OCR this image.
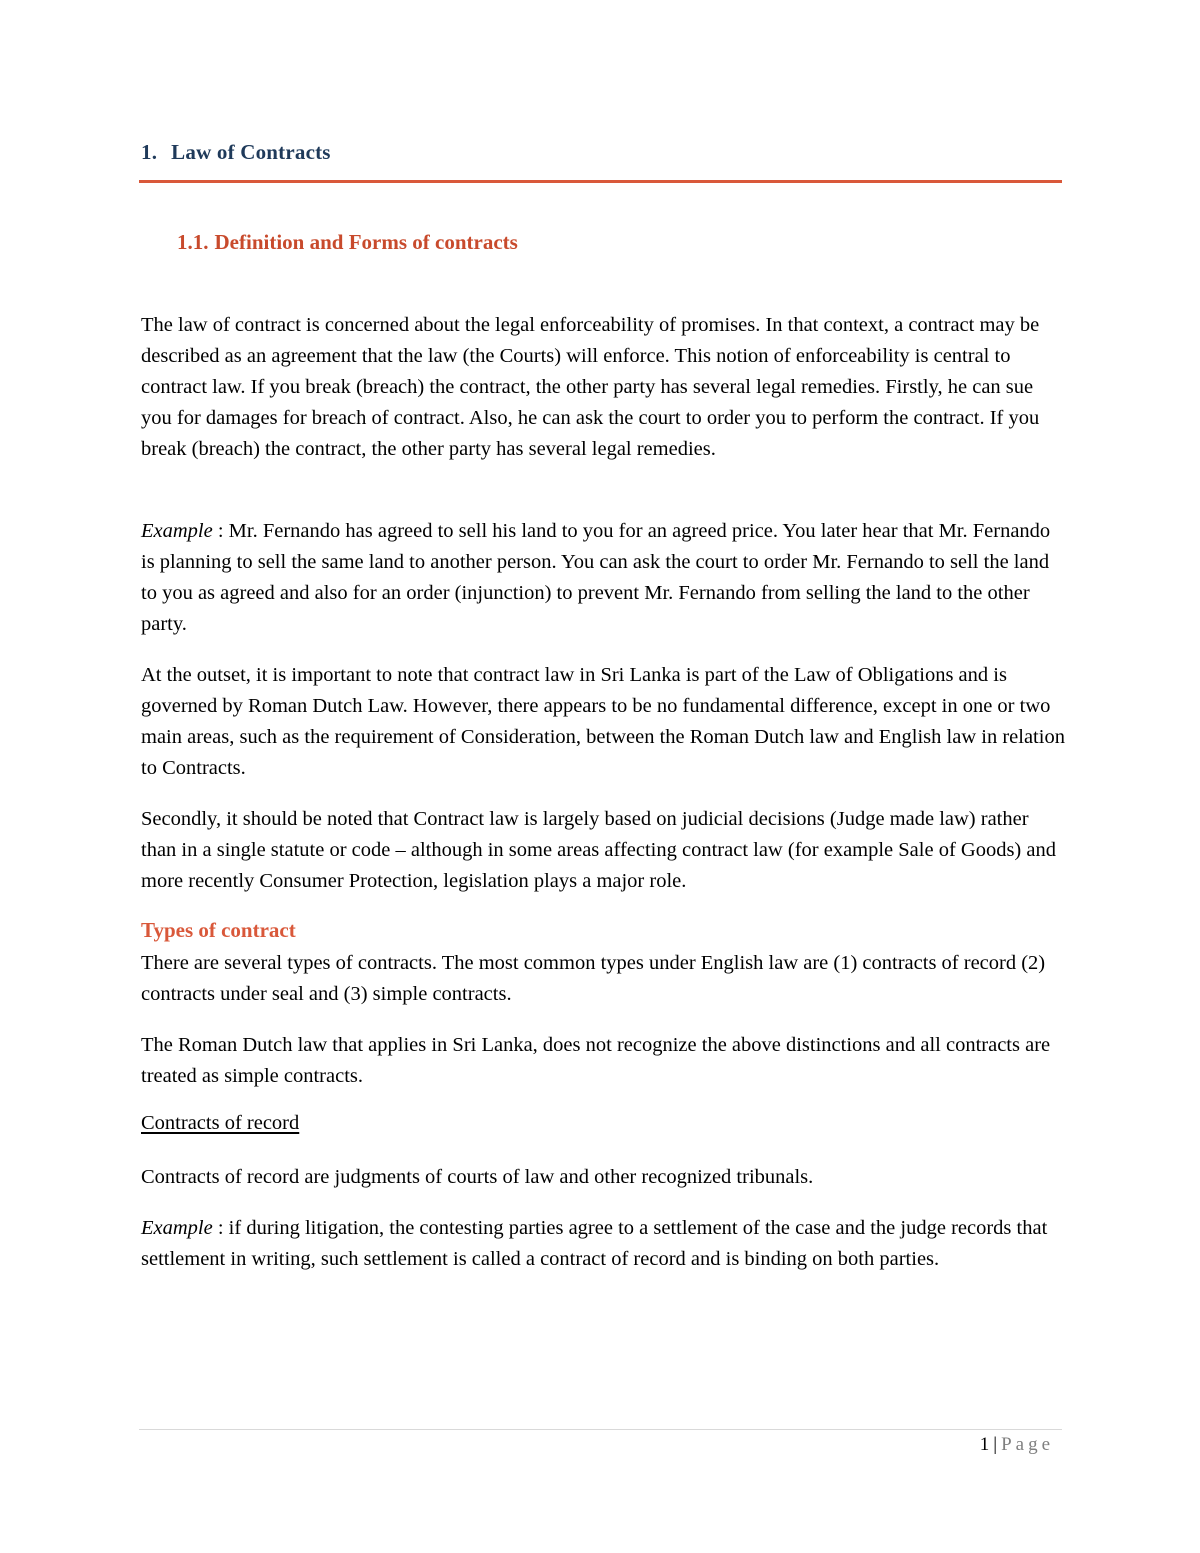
1. Law of Contracts
1.1. Definition and Forms of contracts

The law of contract is concerned about the legal enforceability of promises. In that context, a contract may be described as an agreement that the law (the Courts) will enforce. This notion of enforceability is central to contract law. If you break (breach) the contract, the other party has several legal remedies. Firstly, he can sue you for damages for breach of contract. Also, he can ask the court to order you to perform the contract. If you break (breach) the contract, the other party has several legal remedies.

Example : Mr. Fernando has agreed to sell his land to you for an agreed price. You later hear that Mr. Fernando is planning to sell the same land to another person. You can ask the court to order Mr. Fernando to sell the land to you as agreed and also for an order (injunction) to prevent Mr. Fernando from selling the land to the other party.

At the outset, it is important to note that contract law in Sri Lanka is part of the Law of Obligations and is governed by Roman Dutch Law. However, there appears to be no fundamental difference, except in one or two main areas, such as the requirement of Consideration, between the Roman Dutch law and English law in relation to Contracts.

Secondly, it should be noted that Contract law is largely based on judicial decisions (Judge made law) rather than in a single statute or code – although in some areas affecting contract law (for example Sale of Goods) and more recently Consumer Protection, legislation plays a major role.

Types of contract

There are several types of contracts. The most common types under English law are (1) contracts of record (2) contracts under seal and (3) simple contracts.

The Roman Dutch law that applies in Sri Lanka, does not recognize the above distinctions and all contracts are treated as simple contracts.

Contracts of record

Contracts of record are judgments of courts of law and other recognized tribunals.

Example : if during litigation, the contesting parties agree to a settlement of the case and the judge records that settlement in writing, such settlement is called a contract of record and is binding on both parties.

1 | Page
